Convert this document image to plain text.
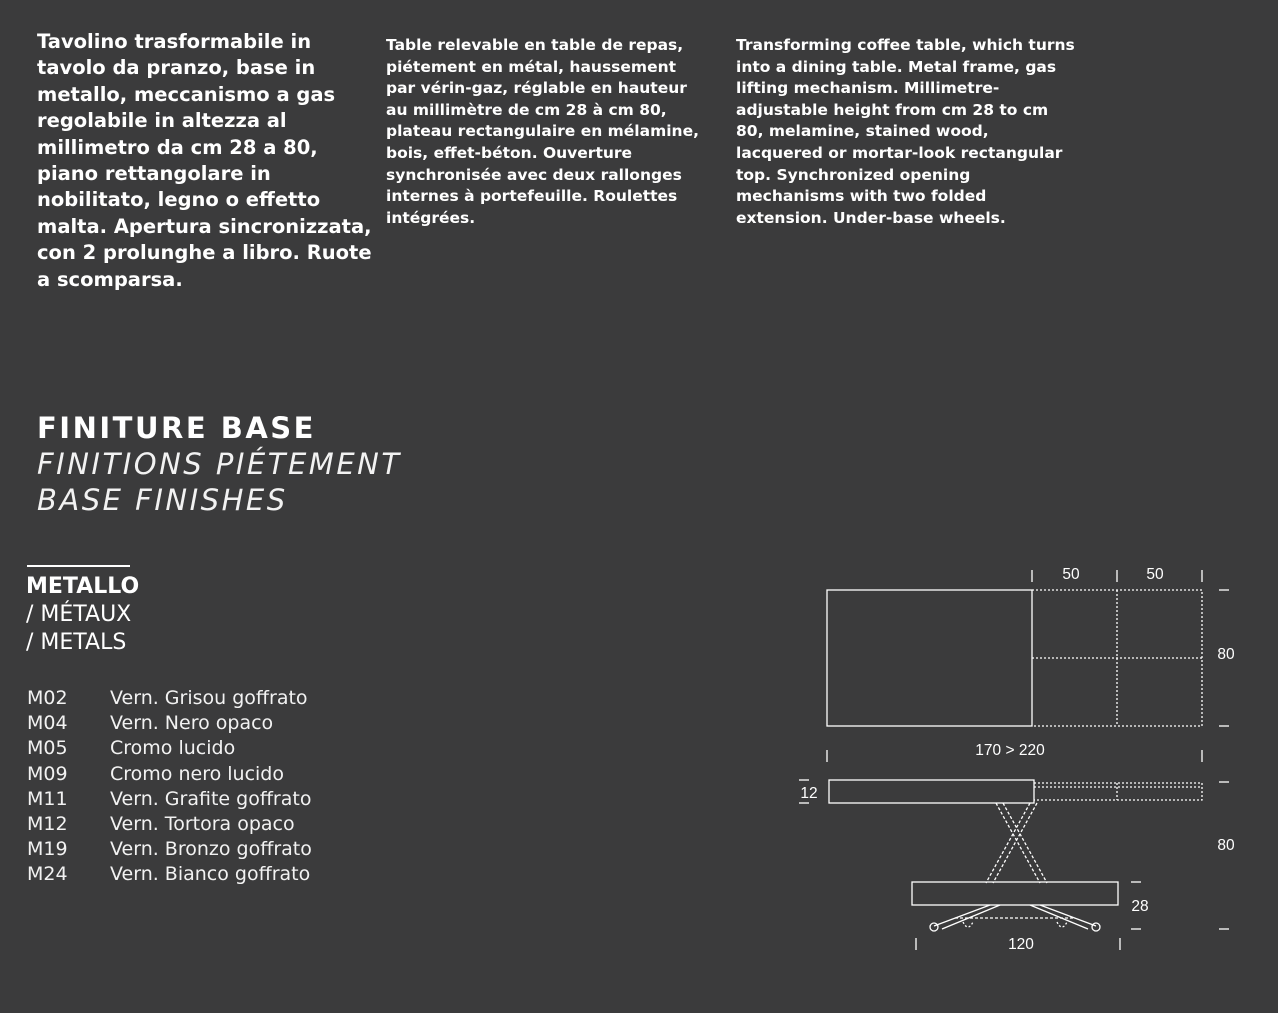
Tavolino trasformabile in tavolo da pranzo, base in metallo, meccanismo a gas regolabile in altezza al millimetro da cm 28 a 80, piano rettangolare in nobilitato, legno o effetto malta. Apertura sincronizzata, con 2 prolunghe a libro. Ruote a scomparsa.

Table relevable en table de repas, piétement en métal, haussement par vérin-gaz, réglable en hauteur au millimètre de cm 28 à cm 80, plateau rectangulaire en mélamine, bois, effet-béton. Ouverture synchronisée avec deux rallonges internes à portefeuille. Roulettes intégrées.

Transforming coffee table, which turns into a dining table. Metal frame, gas lifting mechanism. Millimetre-adjustable height from cm 28 to cm 80, melamine, stained wood, lacquered or mortar-look rectangular top. Synchronized opening mechanisms with two folded extension. Under-base wheels.

FINITURE BASE
FINITIONS PIÉTEMENT
BASE FINISHES
METALLO
/ MÉTAUX
/ METALS
M02 Vern. Grisou goffrato
M04 Vern. Nero opaco
M05 Cromo lucido
M09 Cromo nero lucido
M11 Vern. Grafite goffrato
M12 Vern. Tortora opaco
M19 Vern. Bronzo goffrato
M24 Vern. Bianco goffrato
50	50
80
170 > 220
12
80
28
120
